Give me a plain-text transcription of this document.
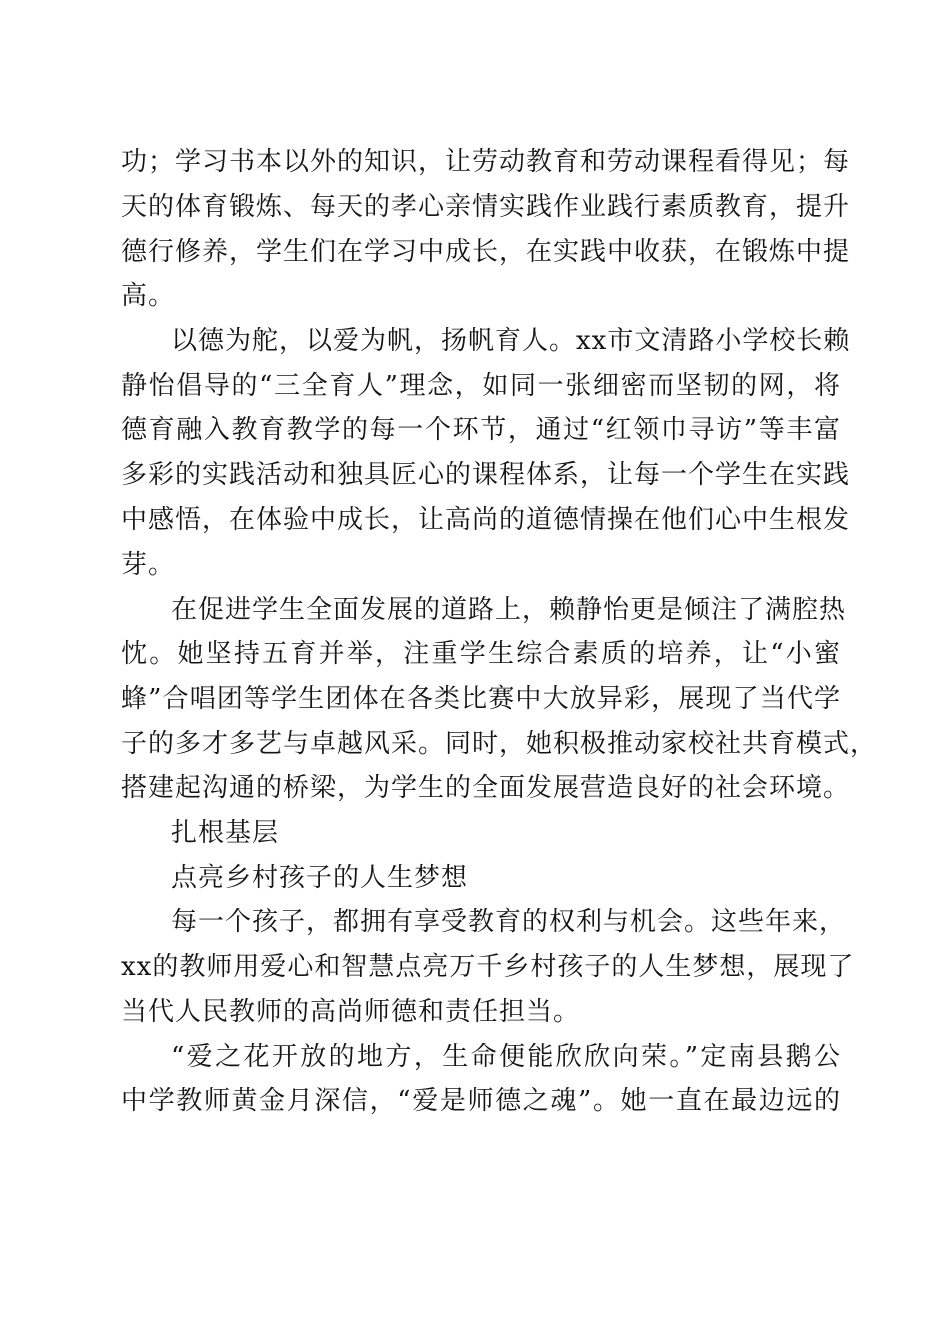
功；学习书本以外的知识，让劳动教育和劳动课程看得见；每
天的体育锻炼、每天的孝心亲情实践作业践行素质教育，提升
德行修养，学生们在学习中成长，在实践中收获，在锻炼中提
高。
以德为舵，以爱为帆，扬帆育人。xx市文清路小学校长赖
静怡倡导的“三全育人”理念，如同一张细密而坚韧的网，将
德育融入教育教学的每一个环节，通过“红领巾寻访”等丰富
多彩的实践活动和独具匠心的课程体系，让每一个学生在实践
中感悟，在体验中成长，让高尚的道德情操在他们心中生根发
芽。
在促进学生全面发展的道路上，赖静怡更是倾注了满腔热
忱。她坚持五育并举，注重学生综合素质的培养，让“小蜜
蜂”合唱团等学生团体在各类比赛中大放异彩，展现了当代学
子的多才多艺与卓越风采。同时，她积极推动家校社共育模式，
搭建起沟通的桥梁，为学生的全面发展营造良好的社会环境。
扎根基层
点亮乡村孩子的人生梦想
每一个孩子，都拥有享受教育的权利与机会。这些年来，
xx的教师用爱心和智慧点亮万千乡村孩子的人生梦想，展现了
当代人民教师的高尚师德和责任担当。
“爱之花开放的地方，生命便能欣欣向荣。”定南县鹅公
中学教师黄金月深信，“爱是师德之魂”。她一直在最边远的
